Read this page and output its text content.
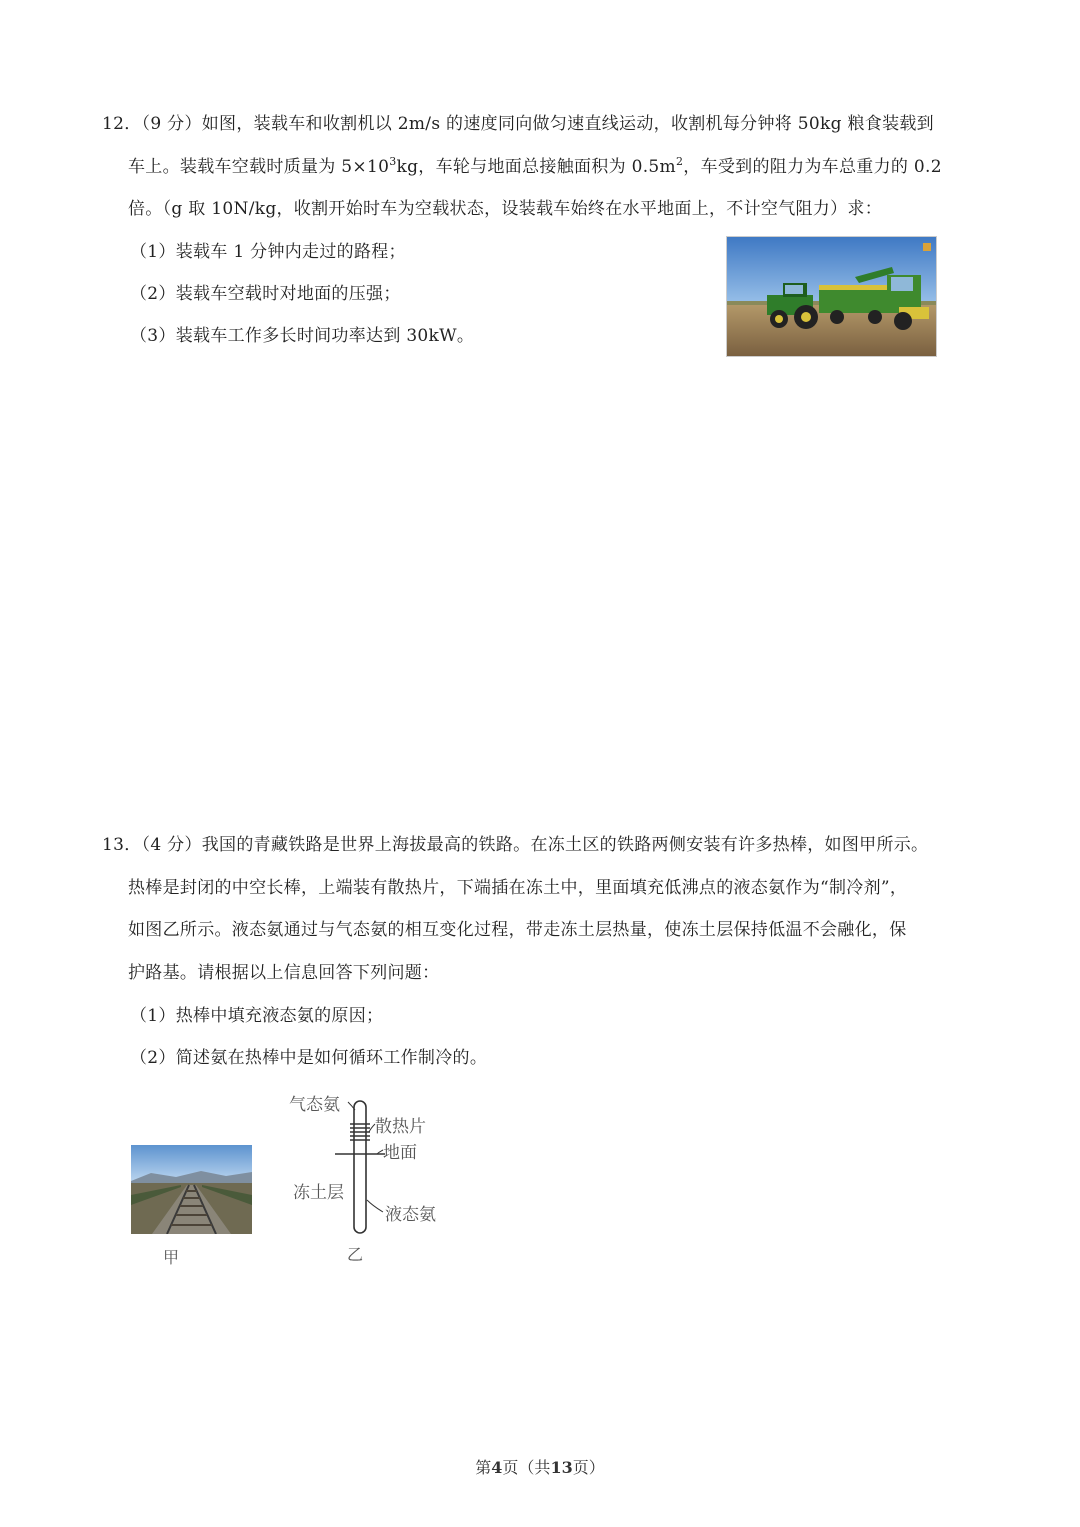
12．（9 分）如图，装载车和收割机以 2m/s 的速度同向做匀速直线运动，收割机每分钟将 50kg 粮食装载到
车上。装载车空载时质量为 $5\times 10^3kg$，车轮与地面总接触面积为 $0.5m^2$，车受到的阻力为车总重力的 0.2
倍。（g 取 10N/kg，收割开始时车为空载状态，设装载车始终在水平地面上，不计空气阻力）求：
（1）装载车 1 分钟内走过的路程；
（2）装载车空载时对地面的压强；
（3）装载车工作多长时间功率达到 30kW。
13．（4 分）我国的青藏铁路是世界上海拔最高的铁路。在冻土区的铁路两侧安装有许多热棒，如图甲所示。
热棒是封闭的中空长棒，上端装有散热片，下端插在冻土中，里面填充低沸点的液态氨作为“制冷剂”，
如图乙所示。液态氨通过与气态氨的相互变化过程，带走冻土层热量，使冻土层保持低温不会融化，保
护路基。请根据以上信息回答下列问题：
（1）热棒中填充液态氨的原因；
（2）简述氨在热棒中是如何循环工作制冷的。
甲
气态氨
散热片
地面
冻土层
液态氨
乙
第4页（共13页）
